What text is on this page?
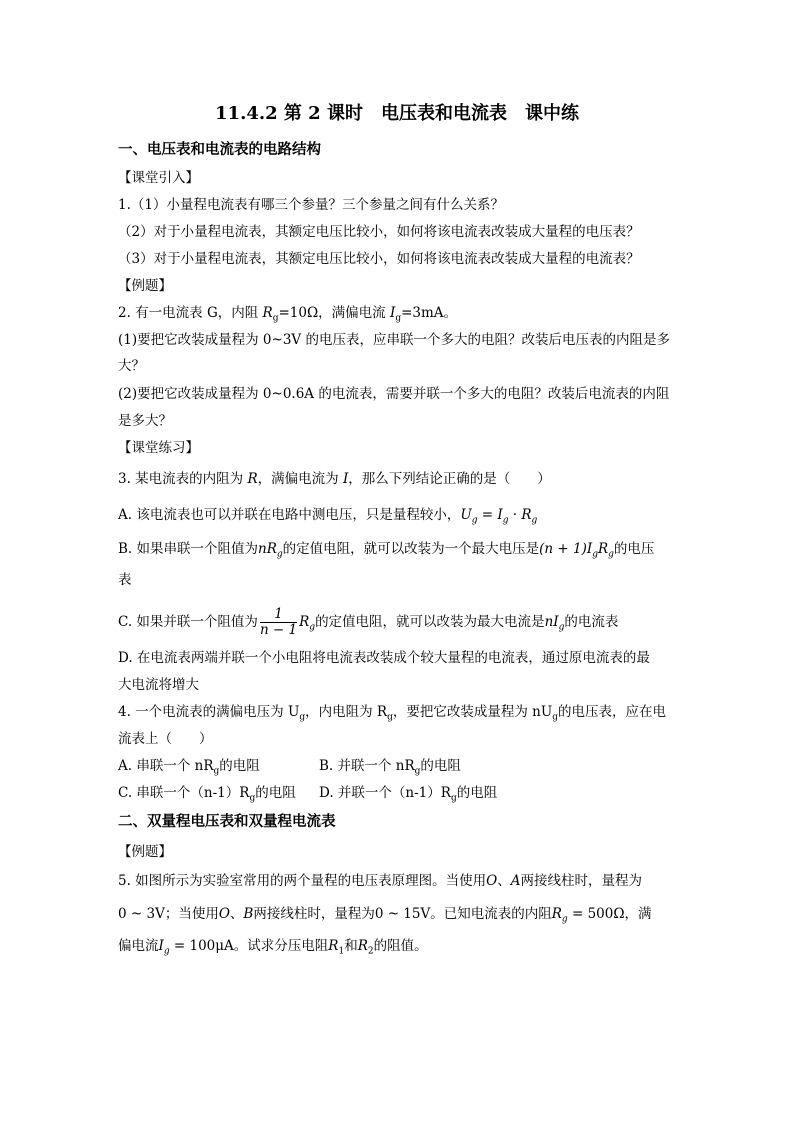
11.4.2 第 2 课时　电压表和电流表　课中练
一、电压表和电流表的电路结构
【课堂引入】
1.（1）小量程电流表有哪三个参量？三个参量之间有什么关系？
（2）对于小量程电流表，其额定电压比较小，如何将该电流表改装成大量程的电压表？
（3）对于小量程电流表，其额定电压比较小，如何将该电流表改装成大量程的电流表？
【例题】
2. 有一电流表 G，内阻 $R_g=10\Omega$，满偏电流 $I_g=3mA$。
(1)要把它改装成量程为 0~3V 的电压表，应串联一个多大的电阻？改装后电压表的内阻是多
大？
(2)要把它改装成量程为 0~0.6A 的电流表，需要并联一个多大的电阻？改装后电流表的内阻
是多大？
【课堂练习】
3. 某电流表的内阻为 R，满偏电流为 I，那么下列结论正确的是（　　）
A. 该电流表也可以并联在电路中测电压，只是量程较小，$U_g = I_g \cdot R_g$
B. 如果串联一个阻值为$nR_g$的定值电阻，就可以改装为一个最大电压是$(n + 1)I_gR_g$的电压
表
C. 如果并联一个阻值为 $\frac{1}{n - 1} R_g$的定值电阻，就可以改装为最大电流是$nI_g$的电流表
D. 在电流表两端并联一个小电阻将电流表改装成个较大量程的电流表，通过原电流表的最
大电流将增大
4. 一个电流表的满偏电压为 $U_g$，内电阻为 $R_g$，要把它改装成量程为 $nU_g$的电压表，应在电
流表上（　　）
A. 串联一个 $nR_g$的电阻	B. 并联一个 $nR_g$的电阻
C. 串联一个$(n-1)R_g$的电阻 D. 并联一个$(n-1)R_g$的电阻
二、双量程电压表和双量程电流表
【例题】
5. 如图所示为实验室常用的两个量程的电压表原理图。当使用O、A两接线柱时，量程为
0 ~ 3V；当使用O、B两接线柱时，量程为0 ~ 15V。已知电流表的内阻$R_g = 500\Omega$，满
偏电流$I_g = 100\mu A$。试求分压电阻$R_1$和$R_2$的阻值。
